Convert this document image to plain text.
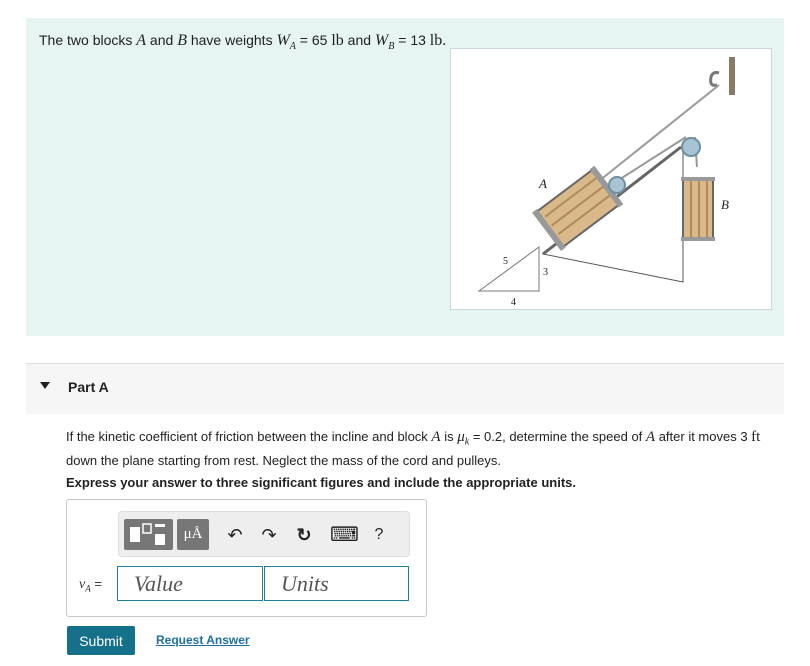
The two blocks A and B have weights $W_A = 65$ lb and $W_B = 13$ lb.
A
B
5
3
4
Part A
If the kinetic coefficient of friction between the incline and block A is $\mu_k = 0.2$, determine the speed of A after it moves 3 ft down the plane starting from rest. Neglect the mass of the cord and pulleys.
Express your answer to three significant figures and include the appropriate units.
μÅ	↶ ↷ ↻ ⌨ ?
$v_A$ =
Value
Units
Submit	Request Answer
